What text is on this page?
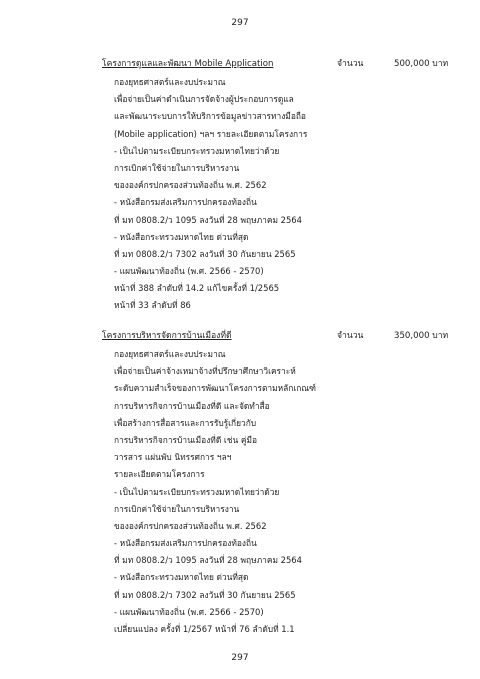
297
โครงการดูแลและพัฒนา Mobile Application	จำนวน	500,000 บาท
กองยุทธศาสตร์และงบประมาณ
เพื่อจ่ายเป็นค่าดำเนินการจัดจ้างผู้ประกอบการดูแล
และพัฒนาระบบการให้บริการข้อมูลข่าวสารทางมือถือ
(Mobile application) ฯลฯ รายละเอียดตามโครงการ
- เป็นไปตามระเบียบกระทรวงมหาดไทยว่าด้วย
การเบิกค่าใช้จ่ายในการบริหารงาน
ขององค์กรปกครองส่วนท้องถิ่น พ.ศ. 2562
- หนังสือกรมส่งเสริมการปกครองท้องถิ่น
ที่ มท 0808.2/ว 1095 ลงวันที่ 28 พฤษภาคม 2564
- หนังสือกระทรวงมหาดไทย ด่วนที่สุด
ที่ มท 0808.2/ว 7302 ลงวันที่ 30 กันยายน 2565
- แผนพัฒนาท้องถิ่น (พ.ศ. 2566 - 2570)
หน้าที่ 388 ลำดับที่ 14.2 แก้ไขครั้งที่ 1/2565
หน้าที่ 33 ลำดับที่ 86
โครงการบริหารจัดการบ้านเมืองที่ดี	จำนวน	350,000 บาท
กองยุทธศาสตร์และงบประมาณ
เพื่อจ่ายเป็นค่าจ้างเหมาจ้างที่ปรึกษาศึกษาวิเคราะห์
ระดับความสำเร็จของการพัฒนาโครงการตามหลักเกณฑ์
การบริหารกิจการบ้านเมืองที่ดี และจัดทำสื่อ
เพื่อสร้างการสื่อสารและการรับรู้เกี่ยวกับ
การบริหารกิจการบ้านเมืองที่ดี เช่น คู่มือ
วารสาร แผ่นพับ นิทรรศการ ฯลฯ
รายละเอียดตามโครงการ
- เป็นไปตามระเบียบกระทรวงมหาดไทยว่าด้วย
การเบิกค่าใช้จ่ายในการบริหารงาน
ขององค์กรปกครองส่วนท้องถิ่น พ.ศ. 2562
- หนังสือกรมส่งเสริมการปกครองท้องถิ่น
ที่ มท 0808.2/ว 1095 ลงวันที่ 28 พฤษภาคม 2564
- หนังสือกระทรวงมหาดไทย ด่วนที่สุด
ที่ มท 0808.2/ว 7302 ลงวันที่ 30 กันยายน 2565
- แผนพัฒนาท้องถิ่น (พ.ศ. 2566 - 2570)
เปลี่ยนแปลง ครั้งที่ 1/2567 หน้าที่ 76 ลำดับที่ 1.1
297
